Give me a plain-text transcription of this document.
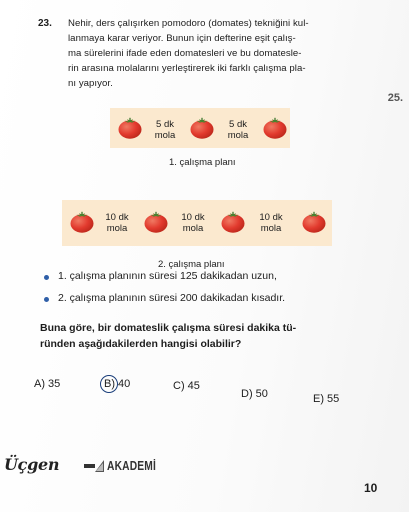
23. Nehir, ders çalışırken pomodoro (domates) tekniğini kul-
lanmaya karar veriyor. Bunun için defterine eşit çalış-
ma sürelerini ifade eden domatesleri ve bu domatesle-
rin arasına molalarını yerleştirerek iki farklı çalışma pla-
nı yapıyor.
25.
5 dk
mola
5 dk
mola
1. çalışma planı
10 dk
mola
10 dk
mola
10 dk
mola
2. çalışma planı
1. çalışma planının süresi 125 dakikadan uzun,
2. çalışma planının süresi 200 dakikadan kısadır.
Buna göre, bir domateslik çalışma süresi dakika tü-
ründen aşağıdakilerden hangisi olabilir?
A) 35	B) 40	C) 45
D) 50	E) 55
Üçgen	AKADEMİ
10
